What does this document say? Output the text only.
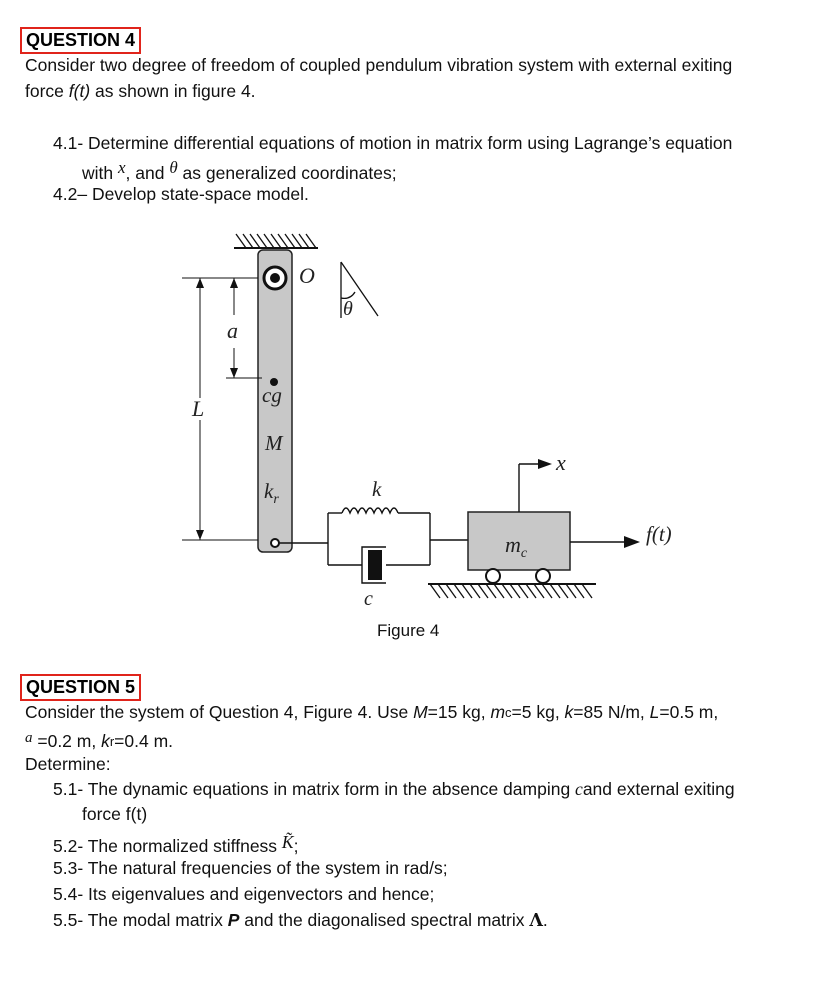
QUESTION 4
Consider two degree of freedom of coupled pendulum vibration system with external exiting
force f(t) as shown in figure 4.
4.1- Determine differential equations of motion in matrix form using Lagrange’s equation
with x, and θ as generalized coordinates;
4.2– Develop state-space model.
O
θ
a
L
cg
M
$k_r$	k
c
$m_c$
x
f(t)
Figure 4
QUESTION 5
Consider the system of Question 4, Figure 4. Use M=15 kg, $m_c=5$ kg, k=85 N/m, L=0.5 m,
a =0.2 m, $k_r=0.4$ m.
Determine:
5.1- The dynamic equations in matrix form in the absence damping cand external exiting
force f(t)
5.2- The normalized stiffness K̃;
5.3- The natural frequencies of the system in rad/s;
5.4- Its eigenvalues and eigenvectors and hence;
5.5- The modal matrix P and the diagonalised spectral matrix Λ.
